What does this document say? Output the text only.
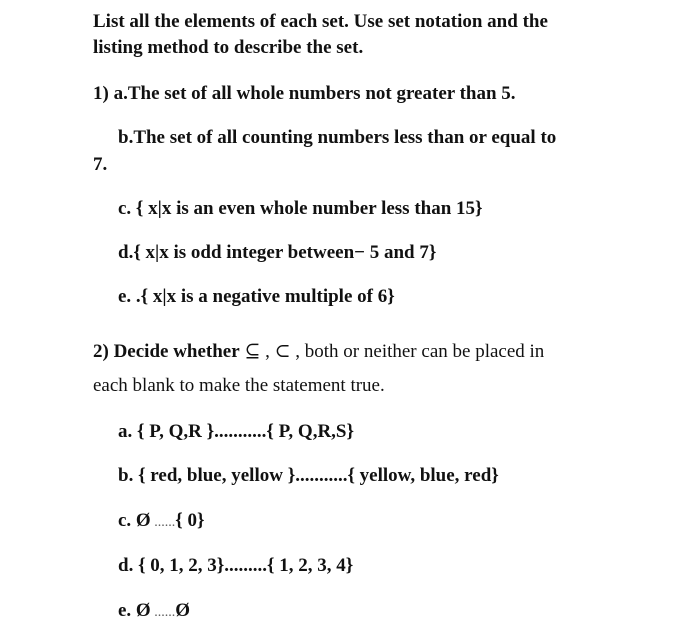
List all the elements of each set. Use set notation and the
listing method to describe the set.
1) a.The set of all whole numbers not greater than 5.
b.The set of all counting numbers less than or equal to
7.
c. { x|x is an even whole number less than 15}
d.{ x|x is odd integer between− 5 and 7}
e. .{ x|x is a negative multiple of 6}
2) Decide whether ⊆ , ⊂ , both or neither can be placed in
each blank to make the statement true.
a. { P, Q,R }...........{ P, Q,R,S}
b. { red, blue, yellow }...........{ yellow, blue, red}
c. Ø ......{ 0}
d. { 0, 1, 2, 3}.........{ 1, 2, 3, 4}
e. Ø ......Ø
